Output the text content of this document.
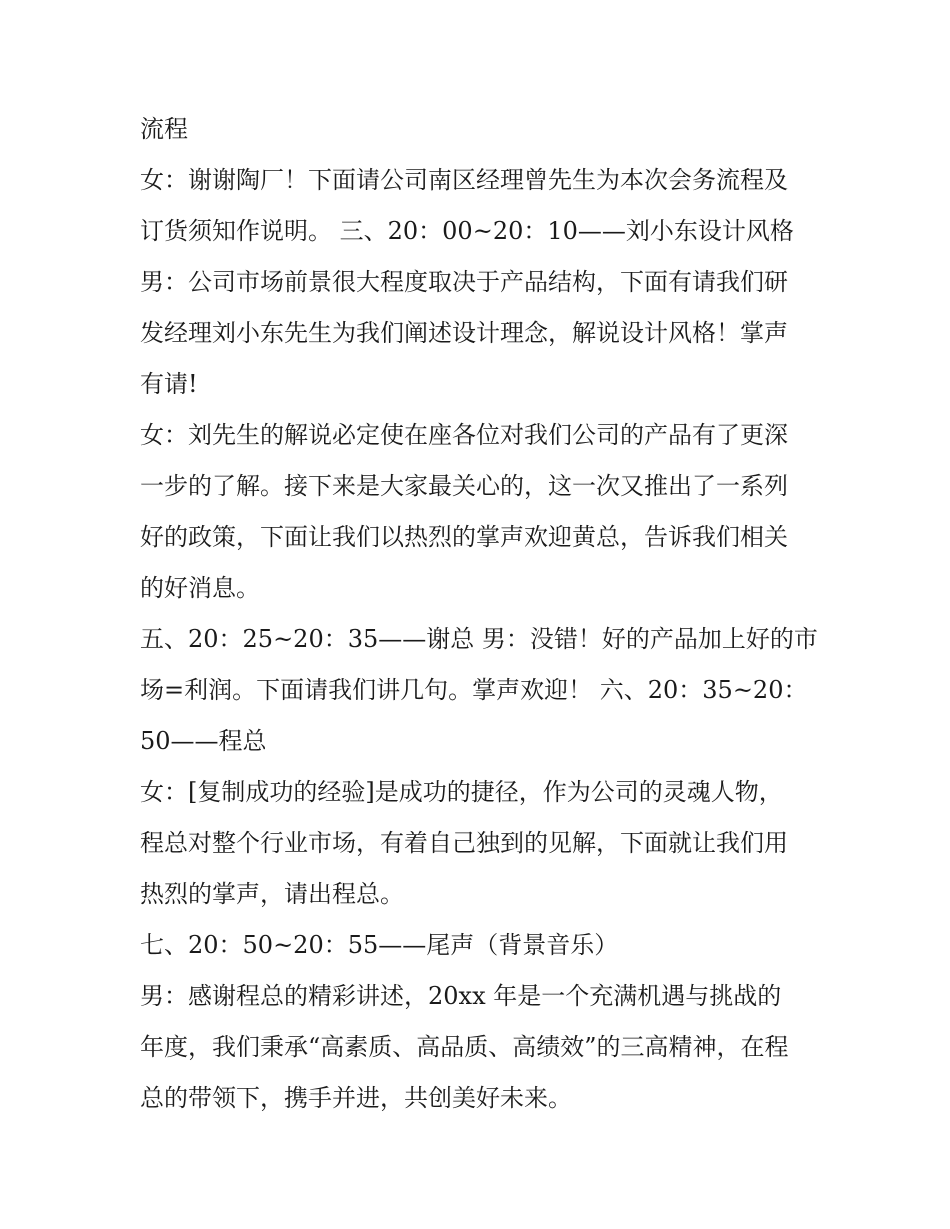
流程
女：谢谢陶厂！下面请公司南区经理曾先生为本次会务流程及
订货须知作说明。 三、20：00~20：10——刘小东设计风格
男：公司市场前景很大程度取决于产品结构，下面有请我们研
发经理刘小东先生为我们阐述设计理念，解说设计风格！掌声
有请!
女：刘先生的解说必定使在座各位对我们公司的产品有了更深
一步的了解。接下来是大家最关心的，这一次又推出了一系列
好的政策，下面让我们以热烈的掌声欢迎黄总，告诉我们相关
的好消息。
五、20：25~20：35——谢总 男：没错！好的产品加上好的市
场=利润。下面请我们讲几句。掌声欢迎！ 六、20：35~20：
50——程总
女：[复制成功的经验]是成功的捷径，作为公司的灵魂人物，
程总对整个行业市场，有着自己独到的见解，下面就让我们用
热烈的掌声，请出程总。
七、20：50~20：55——尾声（背景音乐）
男：感谢程总的精彩讲述，20xx 年是一个充满机遇与挑战的
年度，我们秉承“高素质、高品质、高绩效”的三高精神，在程
总的带领下，携手并进，共创美好未来。
